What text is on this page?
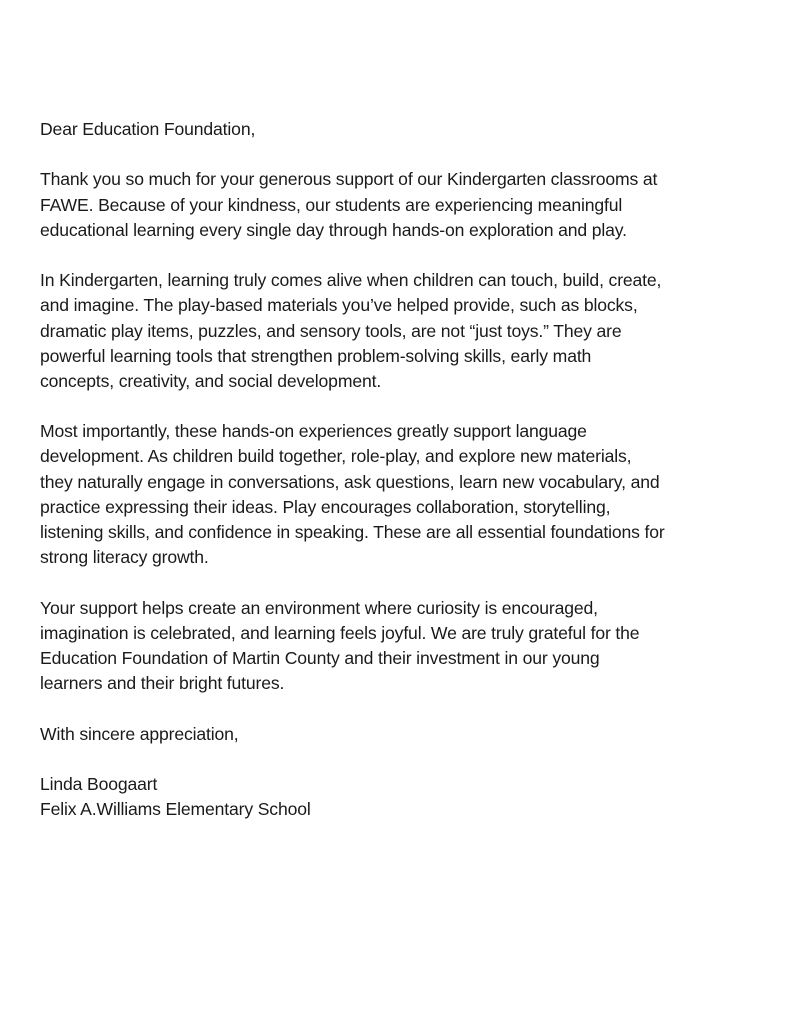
Dear Education Foundation,
Thank you so much for your generous support of our Kindergarten classrooms at
FAWE. Because of your kindness, our students are experiencing meaningful
educational learning every single day through hands-on exploration and play.
In Kindergarten, learning truly comes alive when children can touch, build, create,
and imagine. The play-based materials you’ve helped provide, such as blocks,
dramatic play items, puzzles, and sensory tools, are not “just toys.” They are
powerful learning tools that strengthen problem-solving skills, early math
concepts, creativity, and social development.
Most importantly, these hands-on experiences greatly support language
development. As children build together, role-play, and explore new materials,
they naturally engage in conversations, ask questions, learn new vocabulary, and
practice expressing their ideas. Play encourages collaboration, storytelling,
listening skills, and confidence in speaking. These are all essential foundations for
strong literacy growth.
Your support helps create an environment where curiosity is encouraged,
imagination is celebrated, and learning feels joyful. We are truly grateful for the
Education Foundation of Martin County and their investment in our young
learners and their bright futures.
With sincere appreciation,
Linda Boogaart
Felix A.Williams Elementary School
